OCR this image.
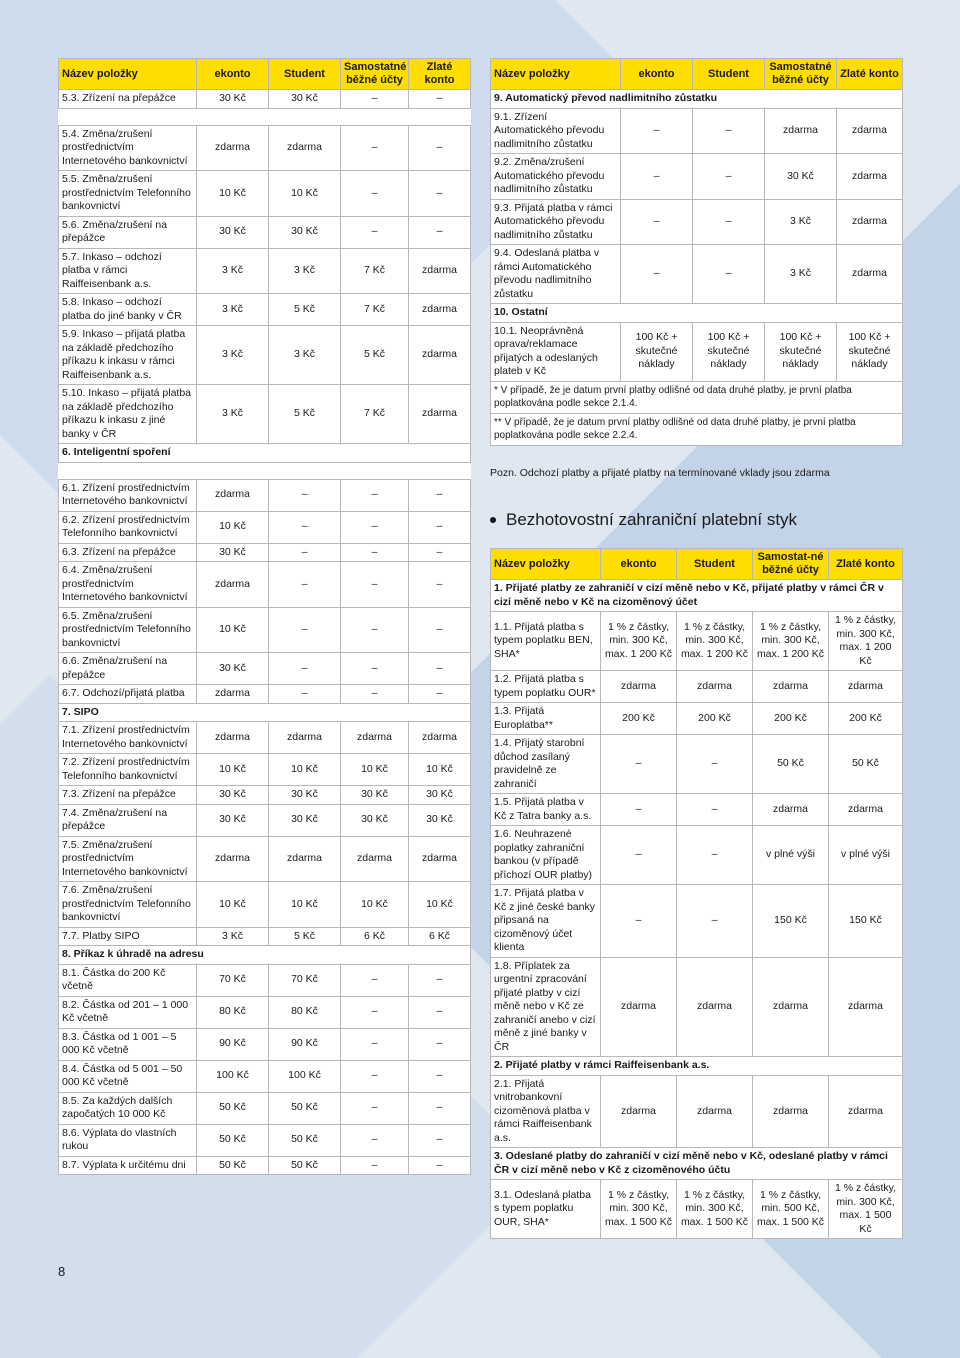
Název položky	ekonto	Student	Samostatné běžné účty	Zlaté konto
5.3. Zřízení na přepážce	30 Kč	30 Kč	–	–

5.4. Změna/zrušení prostřednictvím Internetového bankovnictví	zdarma	zdarma	–	–
5.5. Změna/zrušení prostřednictvím Telefonního bankovnictví	10 Kč	10 Kč	–	–
5.6. Změna/zrušení na přepážce	30 Kč	30 Kč	–	–
5.7. Inkaso – odchozí platba v rámci Raiffeisenbank a.s.	3 Kč	3 Kč	7 Kč	zdarma
5.8. Inkaso – odchozí platba do jiné banky v ČR	3 Kč	5 Kč	7 Kč	zdarma
5.9. Inkaso – přijatá platba na základě předchozího příkazu k inkasu v rámci Raiffeisenbank a.s.	3 Kč	3 Kč	5 Kč	zdarma
5.10. Inkaso – přijatá platba na základě předchozího příkazu k inkasu z jiné banky v ČR	3 Kč	5 Kč	7 Kč	zdarma
6. Inteligentní spoření				

6.1. Zřízení prostřednictvím Internetového bankovnictví	zdarma	–	–	–
6.2. Zřízení prostřednictvím Telefonního bankovnictví	10 Kč	–	–	–
6.3. Zřízení na přepážce	30 Kč	–	–	–
6.4. Změna/zrušení prostřednictvím Internetového bankovnictví	zdarma	–	–	–
6.5. Změna/zrušení prostřednictvím Telefonního bankovnictví	10 Kč	–	–	–
6.6. Změna/zrušení na přepážce	30 Kč	–	–	–
6.7. Odchozí/přijatá platba	zdarma	–	–	–
7. SIPO				
7.1. Zřízení prostřednictvím Internetového bankovnictví	zdarma	zdarma	zdarma	zdarma
7.2. Zřízení prostřednictvím Telefonního bankovnictví	10 Kč	10 Kč	10 Kč	10 Kč
7.3. Zřízení na přepážce	30 Kč	30 Kč	30 Kč	30 Kč
7.4. Změna/zrušení na přepážce	30 Kč	30 Kč	30 Kč	30 Kč
7.5. Změna/zrušení prostřednictvím Internetového bankovnictví	zdarma	zdarma	zdarma	zdarma
7.6. Změna/zrušení prostřednictvím Telefonního bankovnictví	10 Kč	10 Kč	10 Kč	10 Kč
7.7. Platby SIPO	3 Kč	5 Kč	6 Kč	6 Kč
8. Příkaz k úhradě na adresu				
8.1. Částka do 200 Kč včetně	70 Kč	70 Kč	–	–
8.2. Částka od 201 – 1 000 Kč včetně	80 Kč	80 Kč	–	–
8.3. Částka od 1 001 – 5 000 Kč včetně	90 Kč	90 Kč	–	–
8.4. Částka od 5 001 – 50 000 Kč včetně	100 Kč	100 Kč	–	–
8.5. Za každých dalších započatých 10 000 Kč	50 Kč	50 Kč	–	–
8.6. Výplata do vlastních rukou	50 Kč	50 Kč	–	–
8.7. Výplata k určitému dni	50 Kč	50 Kč	–	–
Název položky	ekonto	Student	Samostatné běžné účty	Zlaté konto
9. Automatický převod nadlimitního zůstatku				
9.1. Zřízení Automatického převodu nadlimitního zůstatku	–	–	zdarma	zdarma
9.2. Změna/zrušení Automatického převodu nadlimitního zůstatku	–	–	30 Kč	zdarma
9.3. Přijatá platba v rámci Automatického převodu nadlimitního zůstatku	–	–	3 Kč	zdarma
9.4. Odeslaná platba v rámci Automatického převodu nadlimitního zůstatku	–	–	3 Kč	zdarma
10. Ostatní				
10.1. Neoprávněná oprava/reklamace přijatých a odeslaných plateb v Kč	100 Kč + skutečné náklady	100 Kč + skutečné náklady	100 Kč + skutečné náklady	100 Kč + skutečné náklady
* V případě, že je datum první platby odlišné od data druhé platby, je první platba poplatkována podle sekce 2.1.4.				
** V případě, že je datum první platby odlišné od data druhé platby, je první platba poplatkována podle sekce 2.2.4.				
Pozn. Odchozí platby a přijaté platby na termínované vklady jsou zdarma
Bezhotovostní zahraniční platební styk
Název položky	ekonto	Student	Samostat-né běžné účty	Zlaté konto
1. Přijaté platby ze zahraničí v cizí měně nebo v Kč, přijaté platby v rámci ČR v cizí měně nebo v Kč na cizoměnový účet				
1.1. Přijatá platba s typem poplatku BEN, SHA*	1 % z částky, min. 300 Kč, max. 1 200 Kč	1 % z částky, min. 300 Kč, max. 1 200 Kč	1 % z částky, min. 300 Kč, max. 1 200 Kč	1 % z částky, min. 300 Kč, max. 1 200 Kč
1.2. Přijatá platba s typem poplatku OUR*	zdarma	zdarma	zdarma	zdarma
1.3. Přijatá Europlatba**	200 Kč	200 Kč	200 Kč	200 Kč
1.4. Přijatý starobní důchod zasílaný pravidelně ze zahraničí	–	–	50 Kč	50 Kč
1.5. Přijatá platba v Kč z Tatra banky a.s.	–	–	zdarma	zdarma
1.6. Neuhrazené poplatky zahraniční bankou (v případě příchozí OUR platby)	–	–	v plné výši	v plné výši
1.7. Přijatá platba v Kč z jiné české banky připsaná na cizoměnový účet klienta	–	–	150 Kč	150 Kč
1.8. Příplatek za urgentní zpracování přijaté platby v cizí měně nebo v Kč ze zahraničí anebo v cizí měně z jiné banky v ČR	zdarma	zdarma	zdarma	zdarma
2. Přijaté platby v rámci Raiffeisenbank a.s.				
2.1. Přijatá vnitrobankovní cizoměnová platba v rámci Raiffeisenbank a.s.	zdarma	zdarma	zdarma	zdarma
3. Odeslané platby do zahraničí v cizí měně nebo v Kč, odeslané platby v rámci ČR v cizí měně nebo v Kč z cizoměnového účtu				
3.1. Odeslaná platba s typem poplatku OUR, SHA*	1 % z částky, min. 300 Kč, max. 1 500 Kč	1 % z částky, min. 300 Kč, max. 1 500 Kč	1 % z částky, min. 500 Kč, max. 1 500 Kč	1 % z částky, min. 300 Kč, max. 1 500 Kč
8
